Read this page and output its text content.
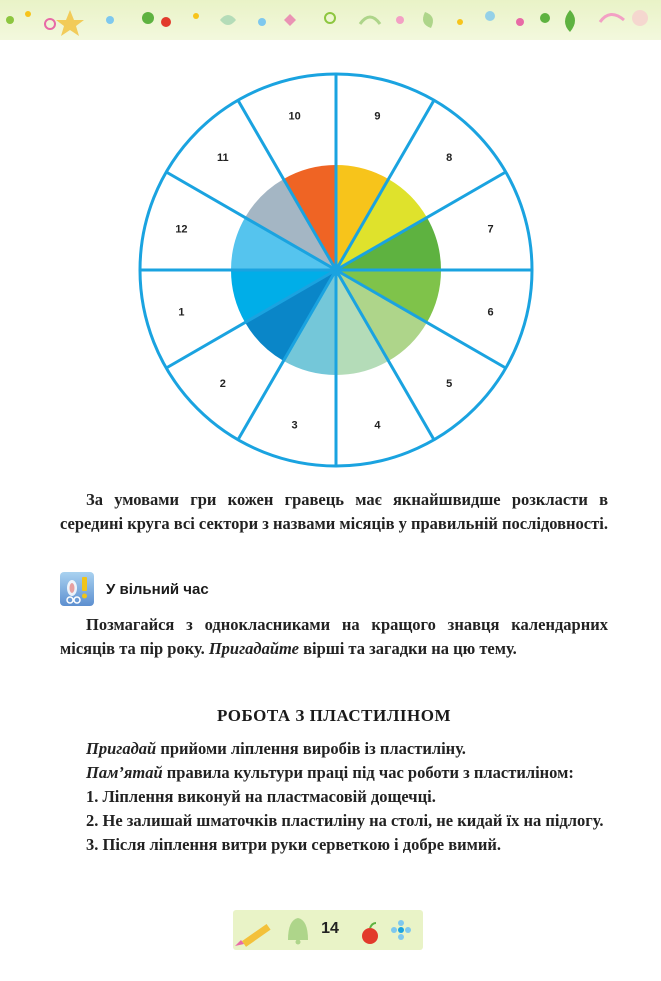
1
2
3	4
5
6
7
8
9
10
11
12
За умовами гри кожен гравець має якнайшвидше розкласти в середині круга всі сектори з назвами місяців у правильній послідовності.
У вільний час
Позмагайся з однокласниками на кращого знавця календарних місяців та пір року. Пригадайте вірші та загадки на цю тему.
РОБОТА З ПЛАСТИЛІНОМ
Пригадай прийоми ліплення виробів із пластиліну.
Пам’ятай правила культури праці під час роботи з пластиліном:
1. Ліплення виконуй на пластмасовій дощечці.
2. Не залишай шматочків пластиліну на столі, не кидай їх на підлогу.
3. Після ліплення витри руки серветкою і добре вимий.
14
